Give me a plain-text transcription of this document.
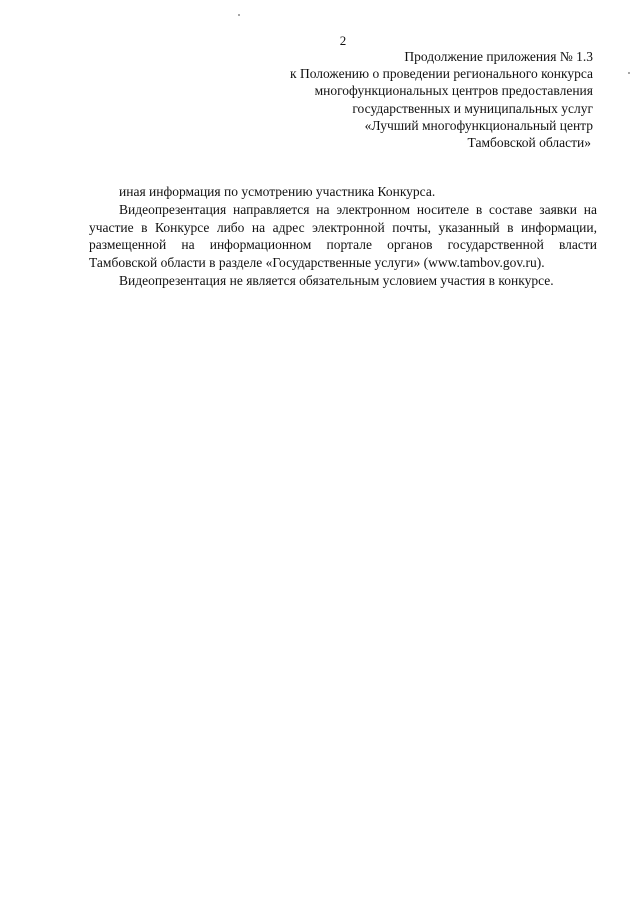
2
Продолжение приложения № 1.3
к Положению о проведении регионального конкурса
многофункциональных центров предоставления
государственных и муниципальных услуг
«Лучший многофункциональный центр
Тамбовской области»

иная информация по усмотрению участника Конкурса.

Видеопрезентация направляется на электронном носителе в составе заявки на участие в Конкурсе либо на адрес электронной почты, указанный в информации, размещенной на информационном портале органов государственной власти Тамбовской области в разделе «Государственные услуги» (www.tambov.gov.ru).

Видеопрезентация не является обязательным условием участия в конкурсе.
